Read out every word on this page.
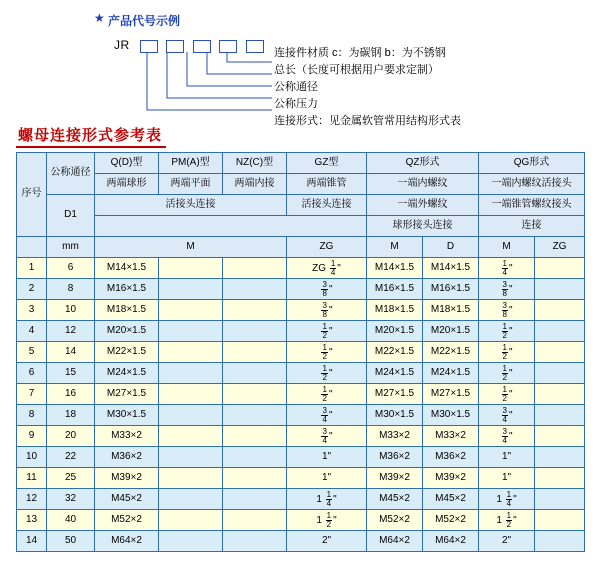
★ 产品代号示例
JR

连接件材质 c：为碳钢 b：为不锈钢
总长（长度可根据用户要求定制）
公称通径
公称压力
连接形式：见金属软管常用结构形式表
螺母连接形式参考表
序号	公称通径	Q(D)型	PM(A)型	NZ(C)型	GZ型	QZ形式		QG形式	
		两端球形	两端平面	两端内接	两端锥管	一端内螺纹		一端内螺纹活接头	
	D1	活接头连接			活接头连接	一端外螺纹		一端锥管螺纹接头	
						球形接头连接		连接	
	mm	M			ZG	M	D	M	ZG
1	6	M14×1.5			ZG $\frac{1}{4}$ "	M14×1.5	M14×1.5	$\frac{1}{4}$ "	
2	8	M16×1.5			$\frac{3}{8}$ "	M16×1.5	M16×1.5	$\frac{3}{8}$ "	
3	10	M18×1.5			$\frac{3}{8}$ "	M18×1.5	M18×1.5	$\frac{3}{8}$ "	
4	12	M20×1.5			$\frac{1}{2}$ "	M20×1.5	M20×1.5	$\frac{1}{2}$ "	
5	14	M22×1.5			$\frac{1}{2}$ "	M22×1.5	M22×1.5	$\frac{1}{2}$ "	
6	15	M24×1.5			$\frac{1}{2}$ "	M24×1.5	M24×1.5	$\frac{1}{2}$ "	
7	16	M27×1.5			$\frac{1}{2}$ "	M27×1.5	M27×1.5	$\frac{1}{2}$ "	
8	18	M30×1.5			$\frac{3}{4}$ "	M30×1.5	M30×1.5	$\frac{3}{4}$ "	
9	20	M33×2			$\frac{3}{4}$ "	M33×2	M33×2	$\frac{3}{4}$ "	
10	22	M36×2			1"	M36×2	M36×2	1"	
11	25	M39×2			1"	M39×2	M39×2	1"	
12	32	M45×2			$1 \frac{1}{4}$ "	M45×2	M45×2	$1 \frac{1}{4}$ "	
13	40	M52×2			$1 \frac{1}{2}$ "	M52×2	M52×2	$1 \frac{1}{2}$ "	
14	50	M64×2			2"	M64×2	M64×2	2"	
